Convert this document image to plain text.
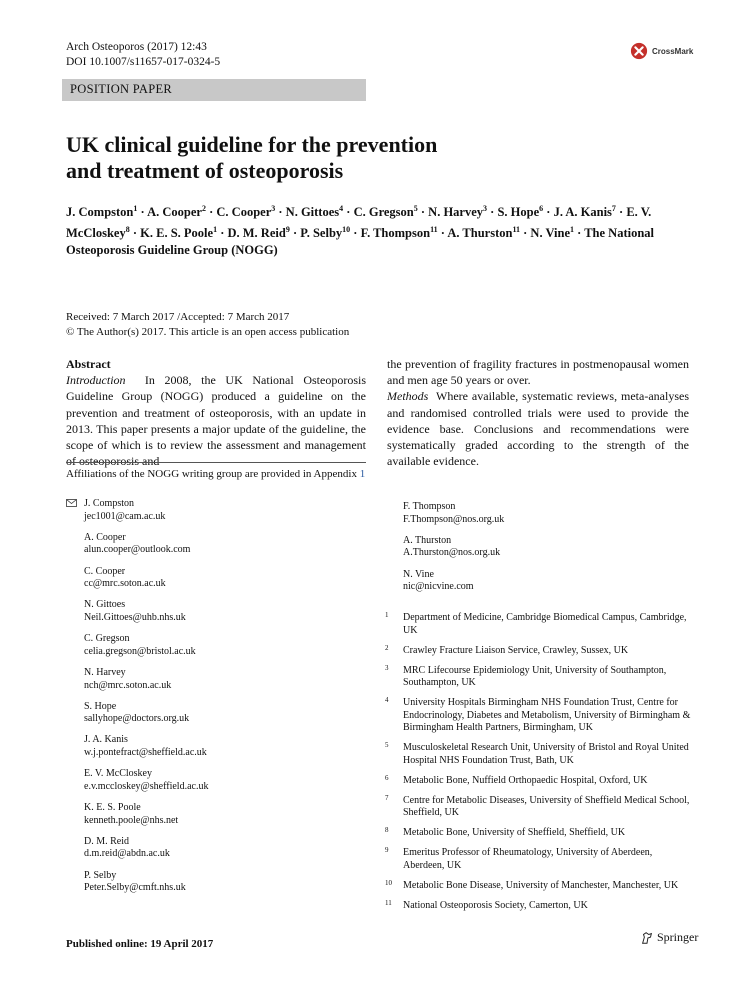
Arch Osteoporos (2017) 12:43
DOI 10.1007/s11657-017-0324-5
CrossMark
POSITION PAPER
UK clinical guideline for the prevention
and treatment of osteoporosis
J. Compston$^1$ · A. Cooper$^2$ · C. Cooper$^3$ · N. Gittoes$^4$ · C. Gregson$^5$ · N. Harvey$^3$ · S. Hope$^6$ · J. A. Kanis$^7$ · E. V. McCloskey$^8$ · K. E. S. Poole$^1$ · D. M. Reid$^9$ · P. Selby$^{10}$ · F. Thompson$^{11}$ · A. Thurston$^{11}$ · N. Vine$^1$ · The National Osteoporosis Guideline Group (NOGG)
Received: 7 March 2017 /Accepted: 7 March 2017
© The Author(s) 2017. This article is an open access publication
Abstract
Introduction In 2008, the UK National Osteoporosis Guideline Group (NOGG) produced a guideline on the prevention and treatment of osteoporosis, with an update in 2013. This paper presents a major update of the guideline, the scope of which is to review the assessment and management of osteoporosis and
the prevention of fragility fractures in postmenopausal women and men age 50 years or over.
Methods Where available, systematic reviews, meta-analyses and randomised controlled trials were used to provide the evidence base. Conclusions and recommendations were systematically graded according to the strength of the available evidence.
Affiliations of the NOGG writing group are provided in Appendix 1
J. Compston
jec1001@cam.ac.uk
A. Cooper
alun.cooper@outlook.com
C. Cooper
cc@mrc.soton.ac.uk
N. Gittoes
Neil.Gittoes@uhb.nhs.uk
C. Gregson
celia.gregson@bristol.ac.uk
N. Harvey
nch@mrc.soton.ac.uk
S. Hope
sallyhope@doctors.org.uk
J. A. Kanis
w.j.pontefract@sheffield.ac.uk
E. V. McCloskey
e.v.mccloskey@sheffield.ac.uk
K. E. S. Poole
kenneth.poole@nhs.net
D. M. Reid
d.m.reid@abdn.ac.uk
P. Selby
Peter.Selby@cmft.nhs.uk
F. Thompson
F.Thompson@nos.org.uk
A. Thurston
A.Thurston@nos.org.uk
N. Vine
nic@nicvine.com
1 Department of Medicine, Cambridge Biomedical Campus, Cambridge, UK
2 Crawley Fracture Liaison Service, Crawley, Sussex, UK
3 MRC Lifecourse Epidemiology Unit, University of Southampton, Southampton, UK
4 University Hospitals Birmingham NHS Foundation Trust, Centre for Endocrinology, Diabetes and Metabolism, University of Birmingham & Birmingham Health Partners, Birmingham, UK
5 Musculoskeletal Research Unit, University of Bristol and Royal United Hospital NHS Foundation Trust, Bath, UK
6 Metabolic Bone, Nuffield Orthopaedic Hospital, Oxford, UK
7 Centre for Metabolic Diseases, University of Sheffield Medical School, Sheffield, UK
8 Metabolic Bone, University of Sheffield, Sheffield, UK
9 Emeritus Professor of Rheumatology, University of Aberdeen, Aberdeen, UK
10 Metabolic Bone Disease, University of Manchester, Manchester, UK
11 National Osteoporosis Society, Camerton, UK
Published online: 19 April 2017	Springer
